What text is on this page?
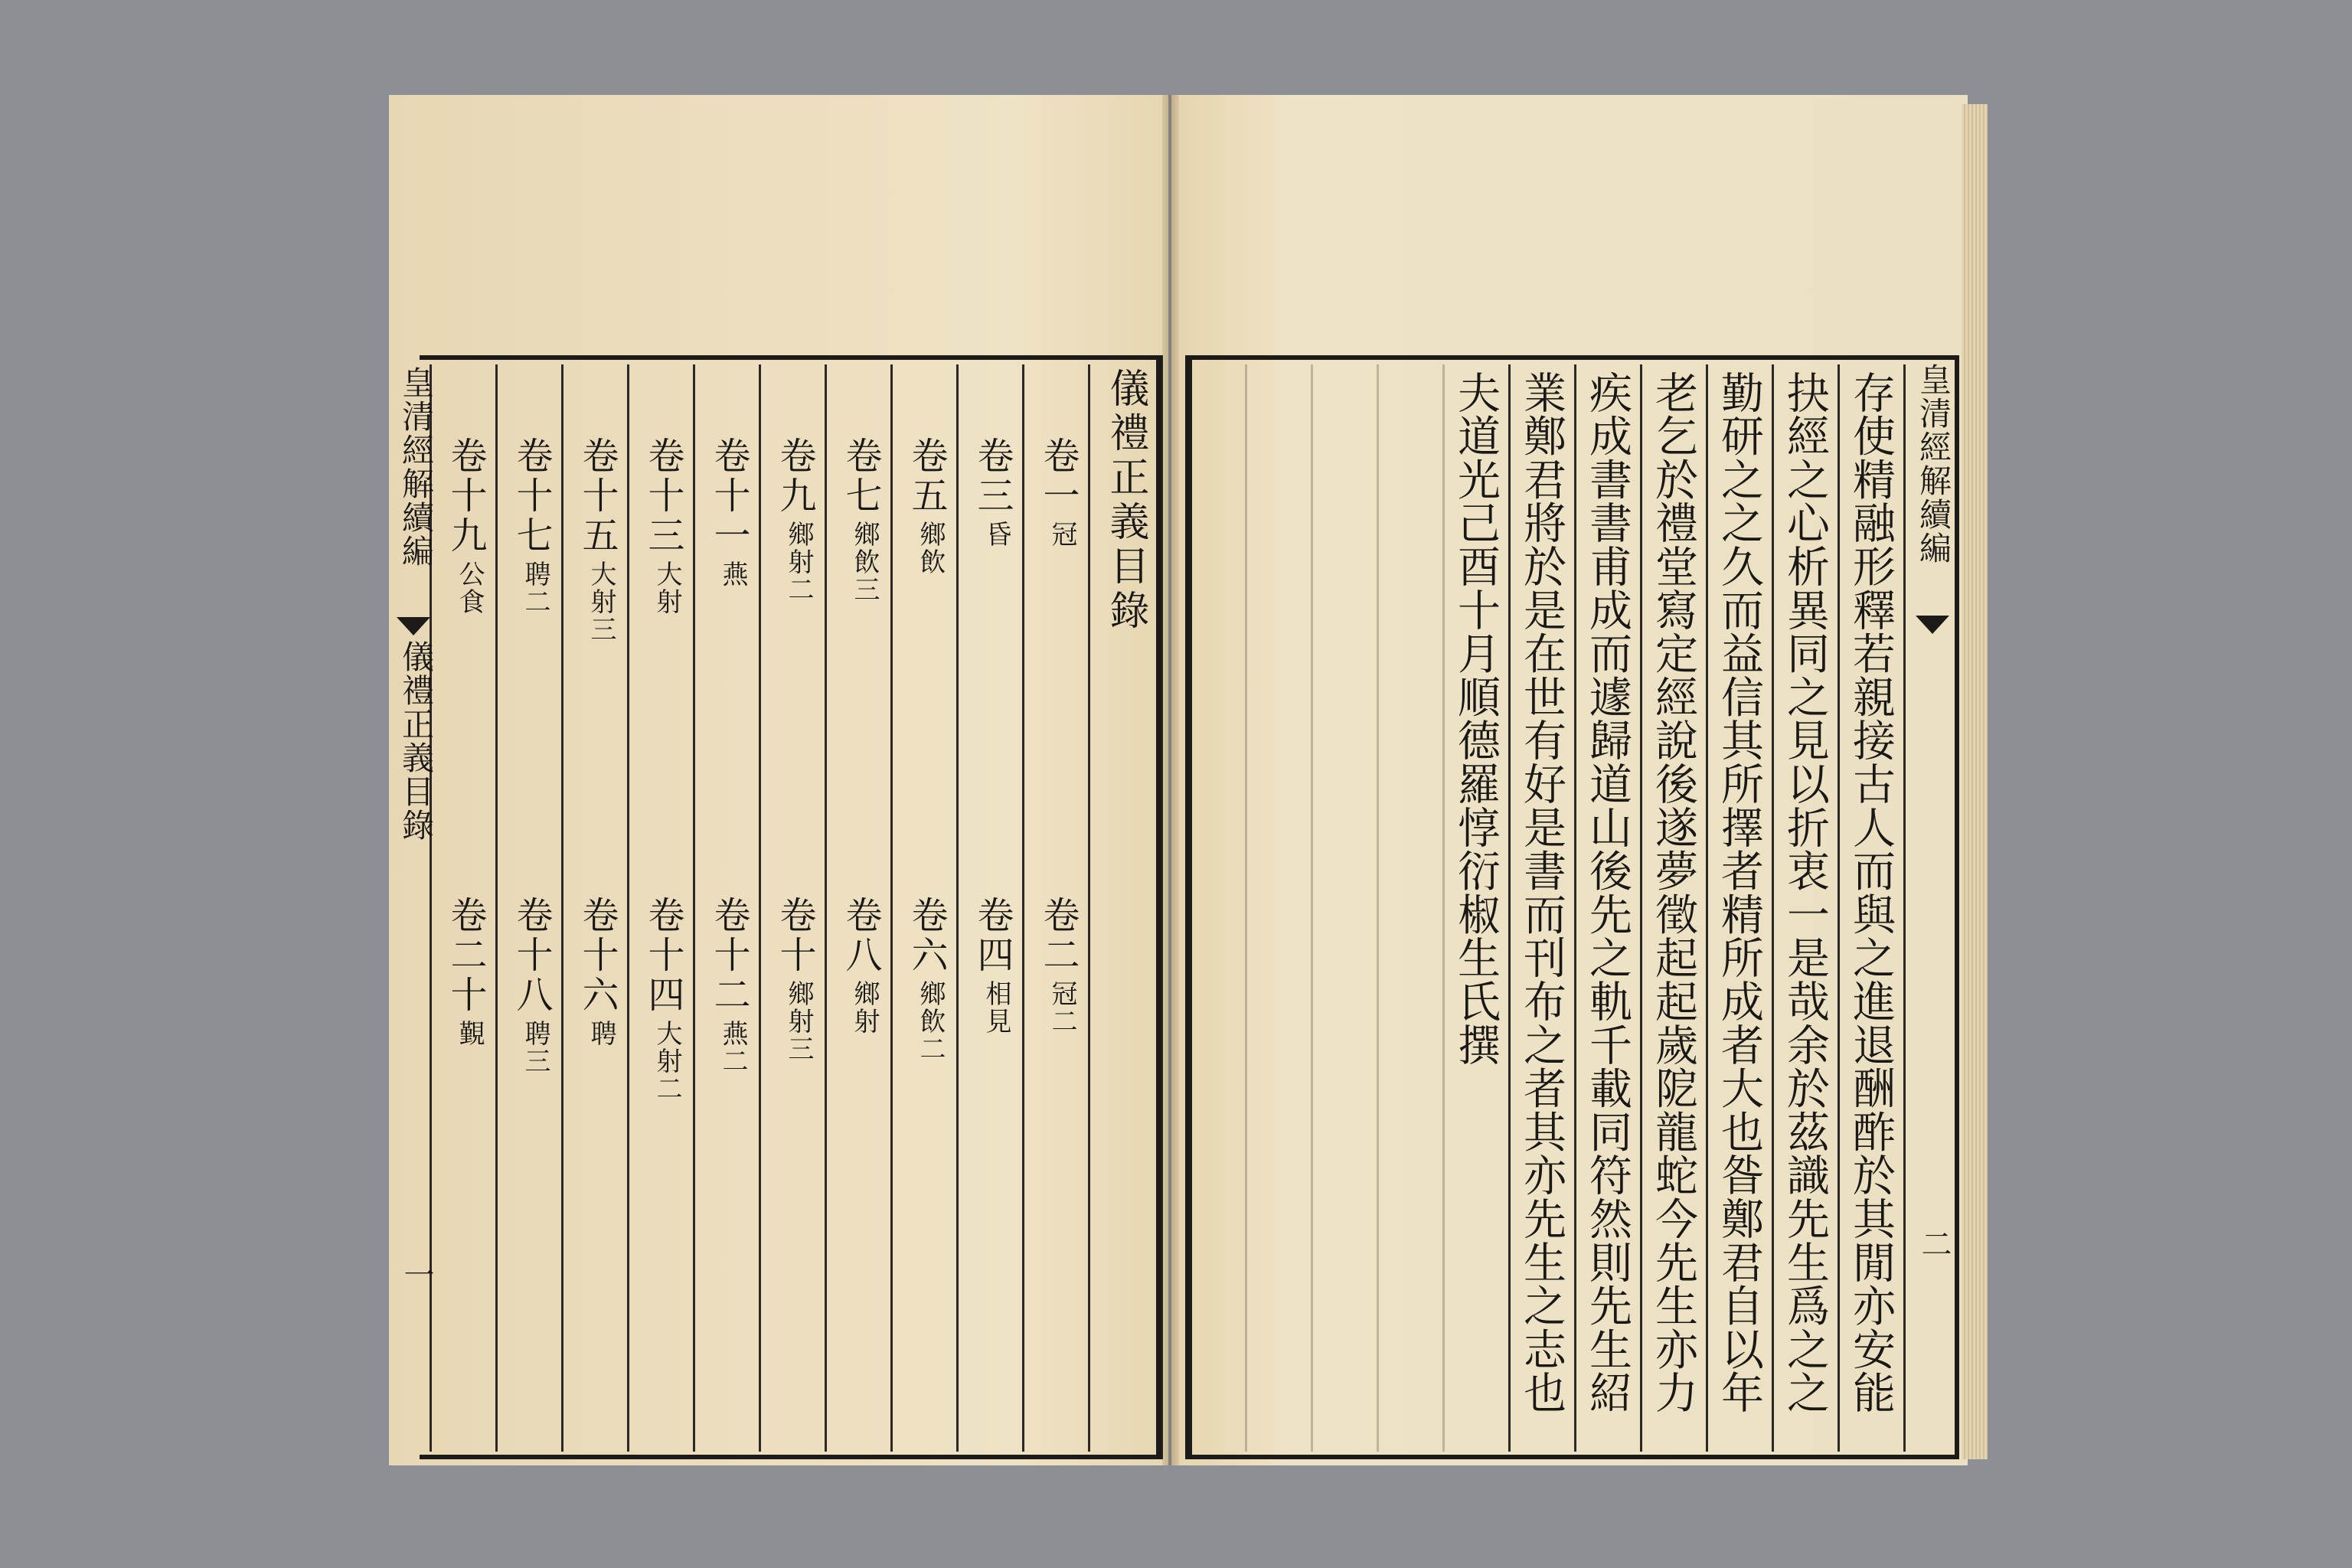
儀禮正義目錄
卷一
冠
卷二
冠二
卷三
昏
卷四
相見
卷五
鄉飲
卷六
鄉飲二
卷七
鄉飲三
卷八
鄉射
卷九
鄉射二
卷十
鄉射三
卷十一
燕
卷十二
燕二
卷十三
大射
卷十四
大射二
卷十五
大射三
卷十六
聘
卷十七
聘二
卷十八
聘三
卷十九
公食
卷二十
覲
皇清經解續編
儀禮正義目錄
一	存使精融形釋若親接古人而與之進退酬酢於其閒亦安能
抉經之心析異同之見以折衷一是哉余於茲識先生爲之之
勤研之之久而益信其所擇者精所成者大也昝鄭君自以年
老乞於禮堂寫定經說後遂夢徵起起歲阸龍蛇今先生亦力
疾成書書甫成而遽歸道山後先之軌千載同符然則先生紹
業鄭君將於是在世有好是書而刊布之者其亦先生之志也
夫道光己酉十月順德羅惇衍椒生氏撰	皇清經解續編
二
